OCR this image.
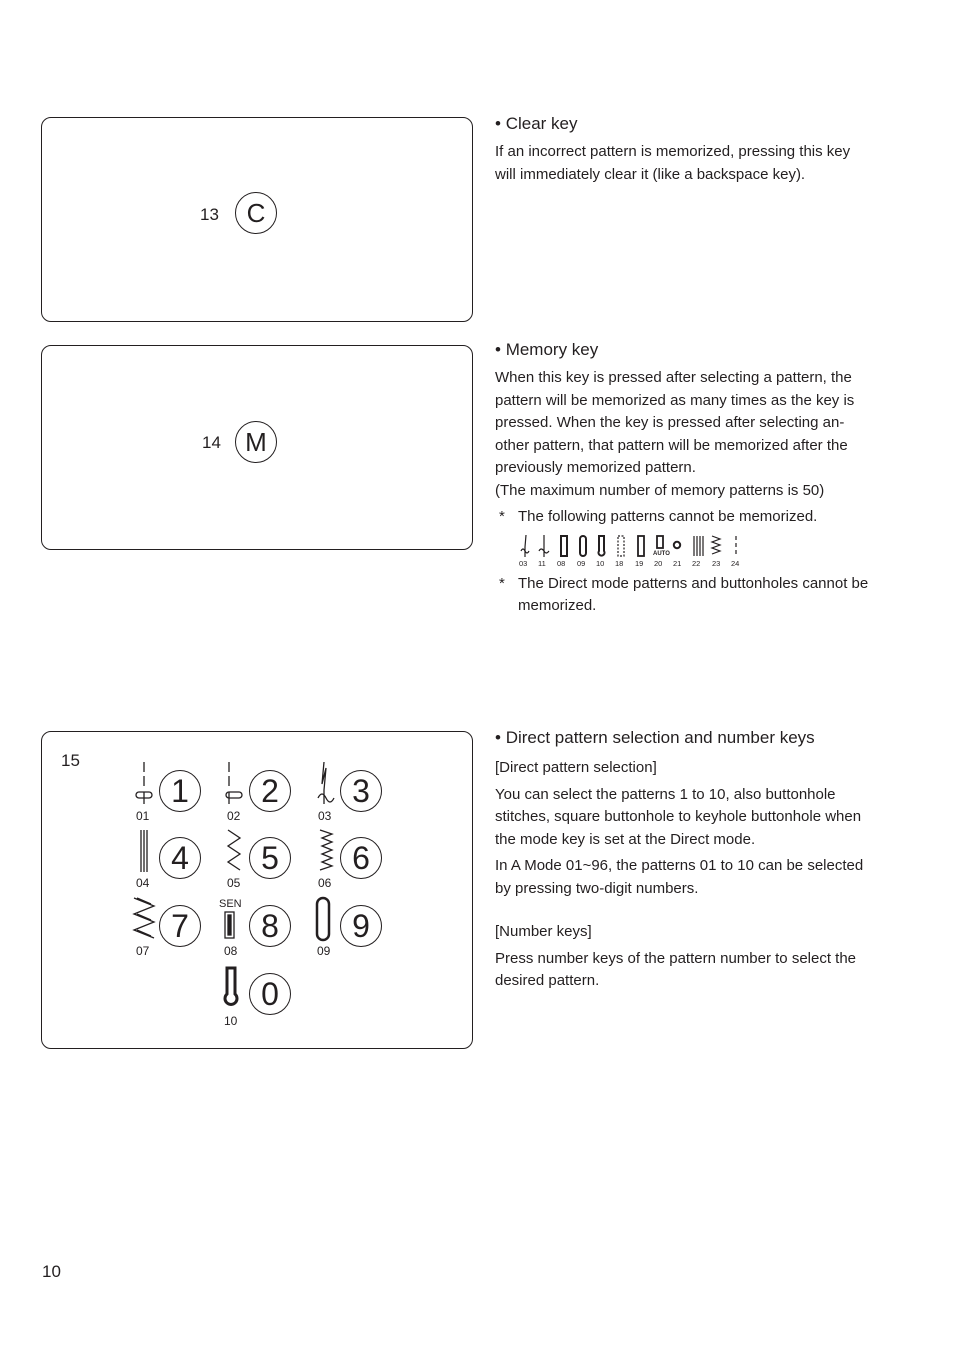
13	C
14 M
15
01	02	03
04	05	06
07	08	09
10
SEN
1	2	3
4	5	6
7	8	9
0

• Clear key

If an incorrect pattern is memorized, pressing this key

will immediately clear it (like a backspace key).

• Memory key

When this key is pressed after selecting a pattern, the

pattern will be memorized as many times as the key is

pressed. When the key is pressed after selecting an-

other pattern, that pattern will be memorized after the

previously memorized pattern.

(The maximum number of memory patterns is 50)

* The following patterns cannot be memorized.

03 11 08 09 10 18 19 20 21 22 23 24
AUTO

* The Direct mode patterns and buttonholes cannot be
memorized.

• Direct pattern selection and number keys

[Direct pattern selection]

You can select the patterns 1 to 10, also buttonhole

stitches, square buttonhole to keyhole buttonhole when

the mode key is set at the Direct mode.

In A Mode 01~96, the patterns 01 to 10 can be selected

by pressing two-digit numbers.

[Number keys]

Press number keys of the pattern number to select the

desired pattern.

10
